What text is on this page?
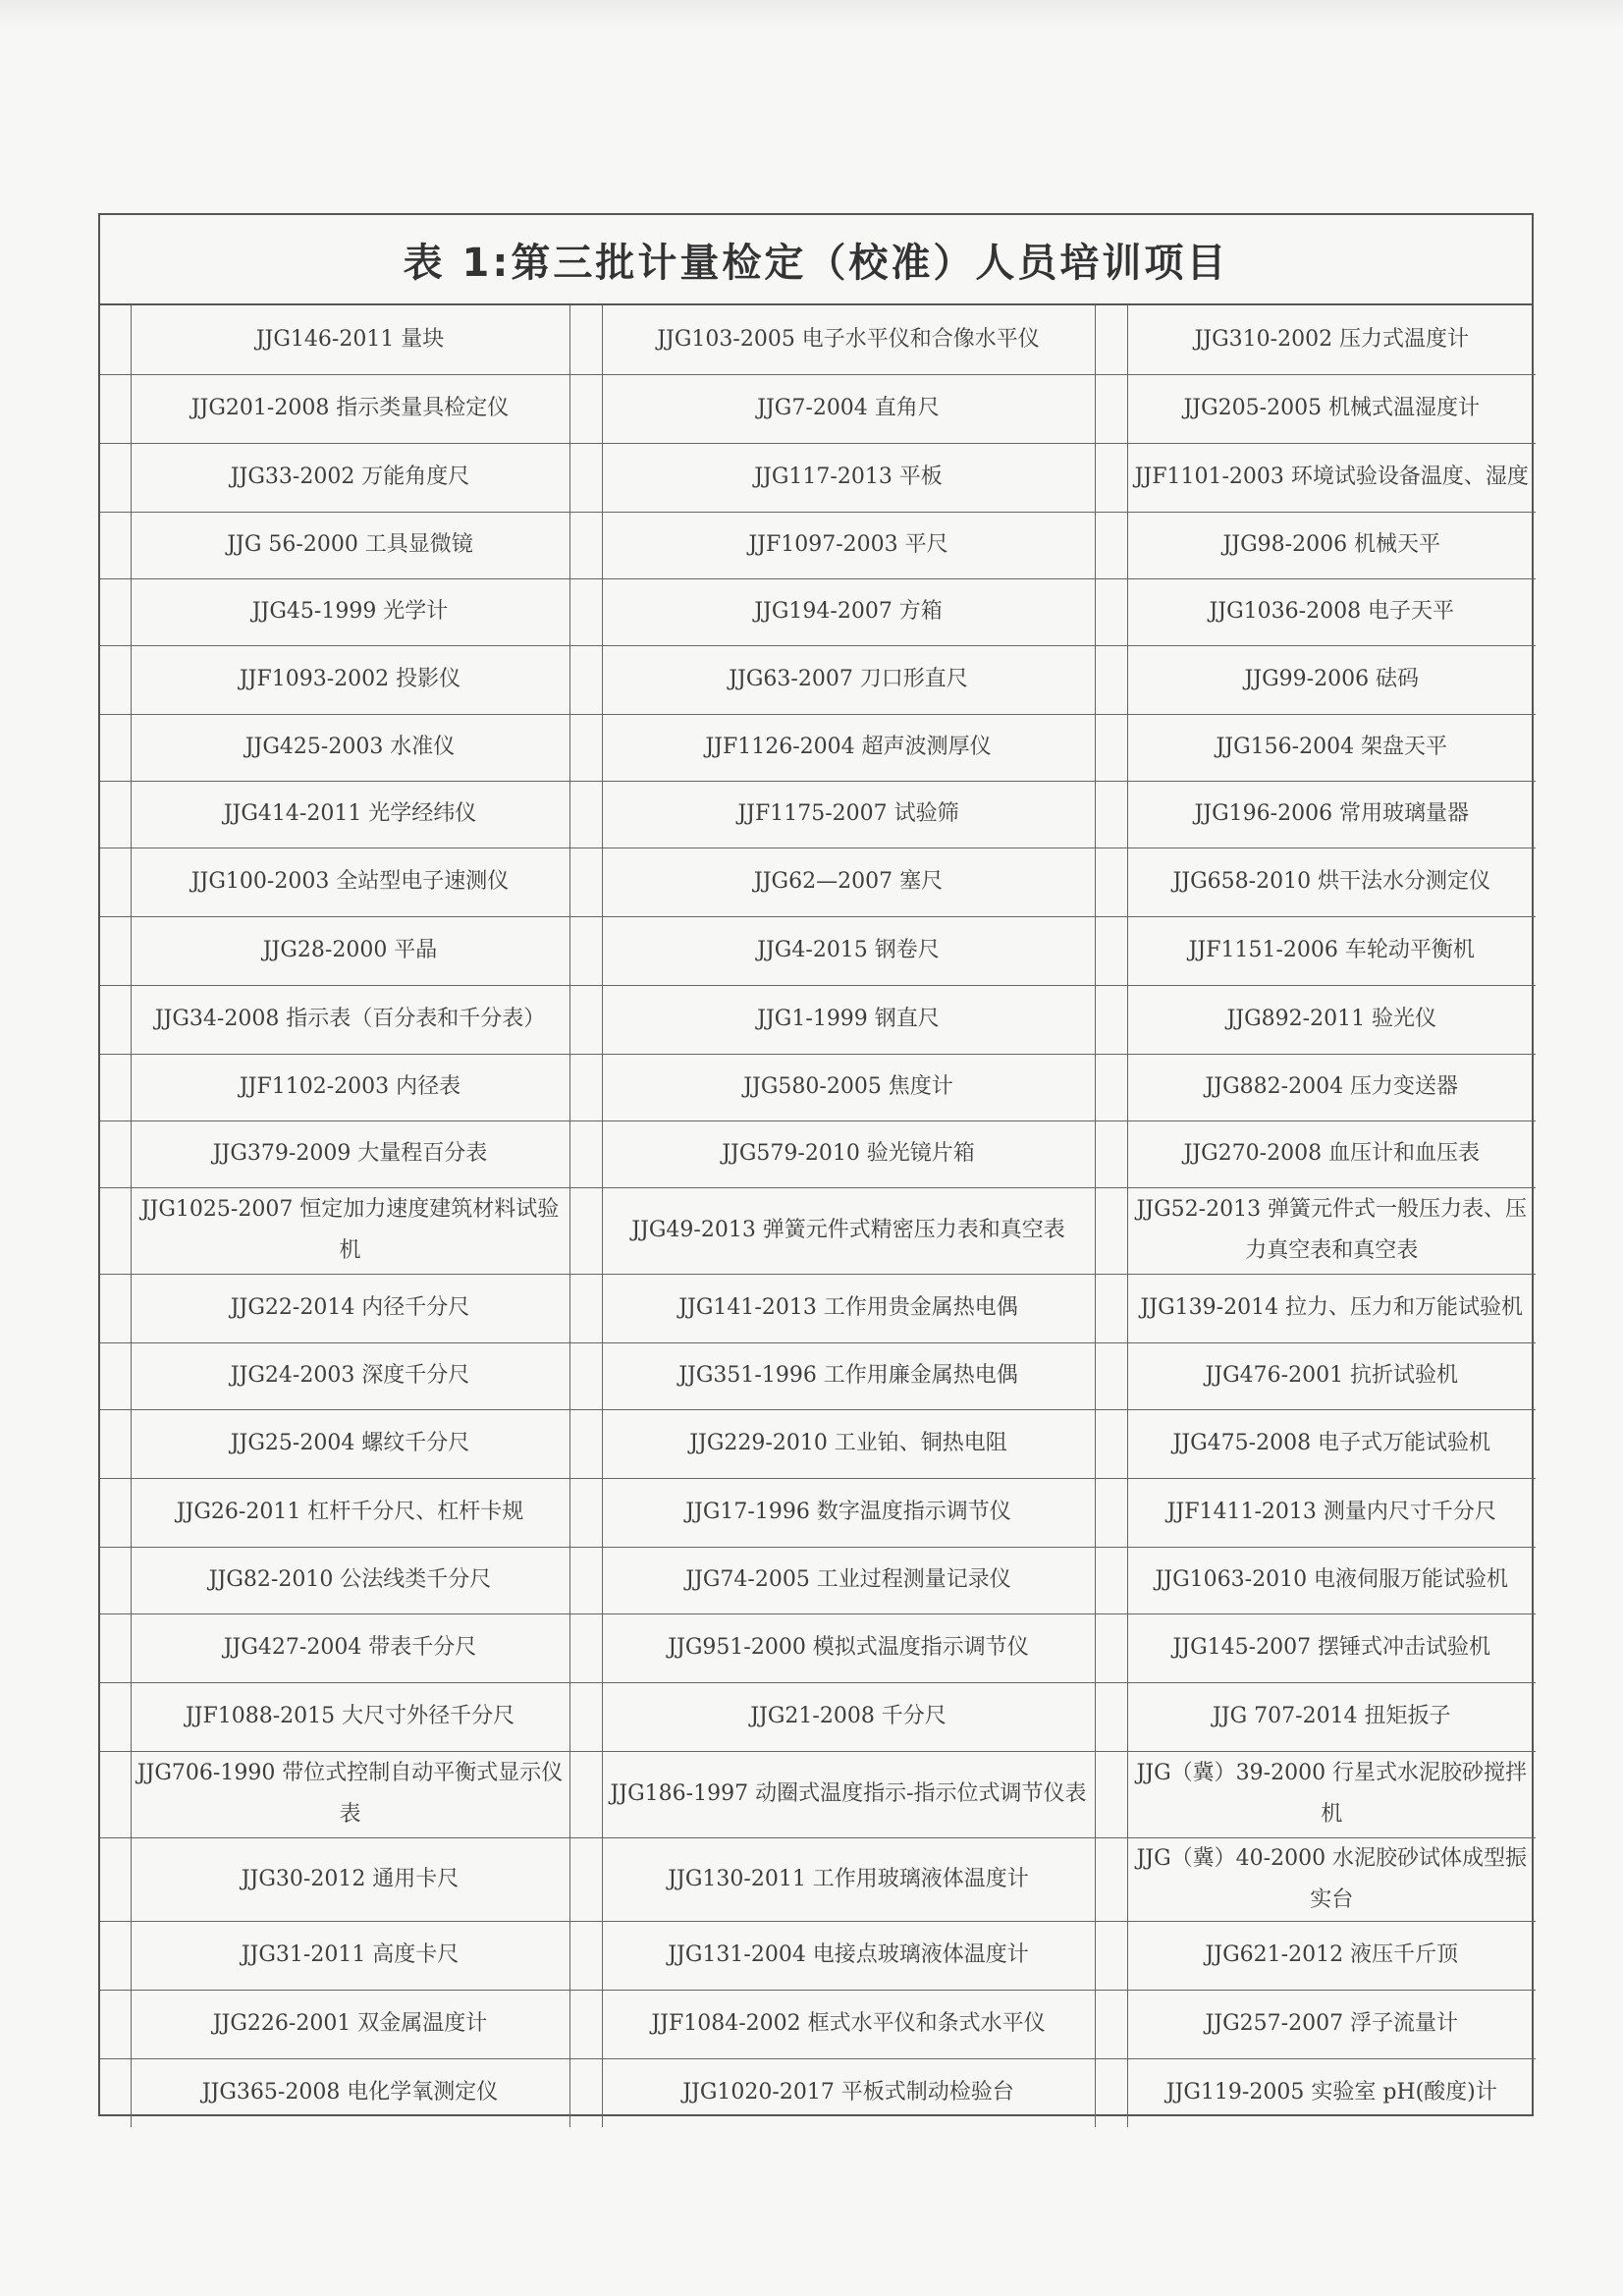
表 1:第三批计量检定（校准）人员培训项目
	JJG146-2011 量块		JJG103-2005 电子水平仪和合像水平仪		JJG310-2002 压力式温度计
	JJG201-2008 指示类量具检定仪		JJG7-2004 直角尺		JJG205-2005 机械式温湿度计
	JJG33-2002 万能角度尺		JJG117-2013 平板		JJF1101-2003 环境试验设备温度、湿度
	JJG 56-2000 工具显微镜		JJF1097-2003 平尺		JJG98-2006 机械天平
	JJG45-1999 光学计		JJG194-2007 方箱		JJG1036-2008 电子天平
	JJF1093-2002 投影仪		JJG63-2007 刀口形直尺		JJG99-2006 砝码
	JJG425-2003 水准仪		JJF1126-2004 超声波测厚仪		JJG156-2004 架盘天平
	JJG414-2011 光学经纬仪		JJF1175-2007 试验筛		JJG196-2006 常用玻璃量器
	JJG100-2003 全站型电子速测仪		JJG62—2007 塞尺		JJG658-2010 烘干法水分测定仪
	JJG28-2000 平晶		JJG4-2015 钢卷尺		JJF1151-2006 车轮动平衡机
	JJG34-2008 指示表（百分表和千分表）		JJG1-1999 钢直尺		JJG892-2011 验光仪
	JJF1102-2003 内径表		JJG580-2005 焦度计		JJG882-2004 压力变送器
	JJG379-2009 大量程百分表		JJG579-2010 验光镜片箱		JJG270-2008 血压计和血压表
	JJG1025-2007 恒定加力速度建筑材料试验机		JJG49-2013 弹簧元件式精密压力表和真空表		JJG52-2013 弹簧元件式一般压力表、压力真空表和真空表
	JJG22-2014 内径千分尺		JJG141-2013 工作用贵金属热电偶		JJG139-2014 拉力、压力和万能试验机
	JJG24-2003 深度千分尺		JJG351-1996 工作用廉金属热电偶		JJG476-2001 抗折试验机
	JJG25-2004 螺纹千分尺		JJG229-2010 工业铂、铜热电阻		JJG475-2008 电子式万能试验机
	JJG26-2011 杠杆千分尺、杠杆卡规		JJG17-1996 数字温度指示调节仪		JJF1411-2013 测量内尺寸千分尺
	JJG82-2010 公法线类千分尺		JJG74-2005 工业过程测量记录仪		JJG1063-2010 电液伺服万能试验机
	JJG427-2004 带表千分尺		JJG951-2000 模拟式温度指示调节仪		JJG145-2007 摆锤式冲击试验机
	JJF1088-2015 大尺寸外径千分尺		JJG21-2008 千分尺		JJG 707-2014 扭矩扳子
	JJG706-1990 带位式控制自动平衡式显示仪表		JJG186-1997 动圈式温度指示-指示位式调节仪表		JJG（冀）39-2000 行星式水泥胶砂搅拌机
	JJG30-2012 通用卡尺		JJG130-2011 工作用玻璃液体温度计		JJG（冀）40-2000 水泥胶砂试体成型振实台
	JJG31-2011 高度卡尺		JJG131-2004 电接点玻璃液体温度计		JJG621-2012 液压千斤顶
	JJG226-2001 双金属温度计		JJF1084-2002 框式水平仪和条式水平仪		JJG257-2007 浮子流量计
	JJG365-2008 电化学氧测定仪		JJG1020-2017 平板式制动检验台		JJG119-2005 实验室 pH(酸度)计
